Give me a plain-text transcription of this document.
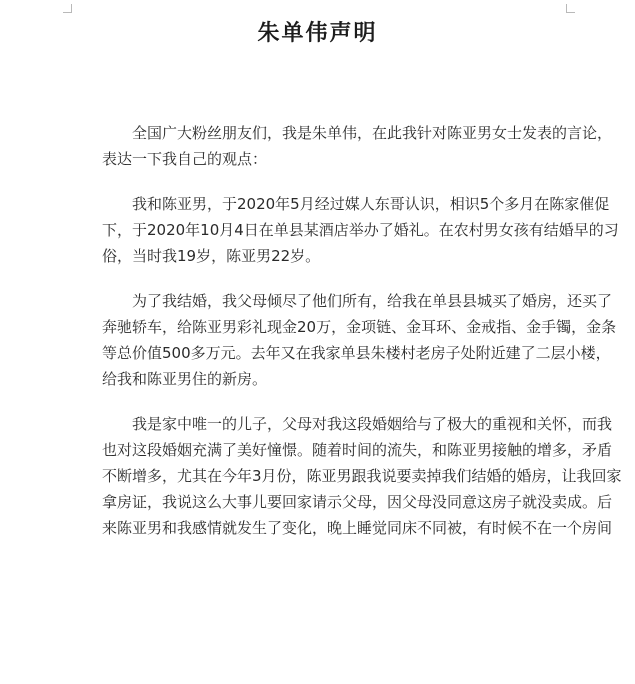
朱单伟声明
全国广大粉丝朋友们，我是朱单伟，在此我针对陈亚男女士发表的言论，
表达一下我自己的观点：
我和陈亚男，于2020年5月经过媒人东哥认识，相识5个多月在陈家催促
下，于2020年10月4日在单县某酒店举办了婚礼。在农村男女孩有结婚早的习
俗，当时我19岁，陈亚男22岁。
为了我结婚，我父母倾尽了他们所有，给我在单县县城买了婚房，还买了
奔驰轿车，给陈亚男彩礼现金20万，金项链、金耳环、金戒指、金手镯，金条
等总价值500多万元。去年又在我家单县朱楼村老房子处附近建了二层小楼，
给我和陈亚男住的新房。
我是家中唯一的儿子，父母对我这段婚姻给与了极大的重视和关怀，而我
也对这段婚姻充满了美好憧憬。随着时间的流失，和陈亚男接触的增多，矛盾
不断增多，尤其在今年3月份，陈亚男跟我说要卖掉我们结婚的婚房，让我回家
拿房证，我说这么大事儿要回家请示父母，因父母没同意这房子就没卖成。后
来陈亚男和我感情就发生了变化，晚上睡觉同床不同被，有时候不在一个房间
